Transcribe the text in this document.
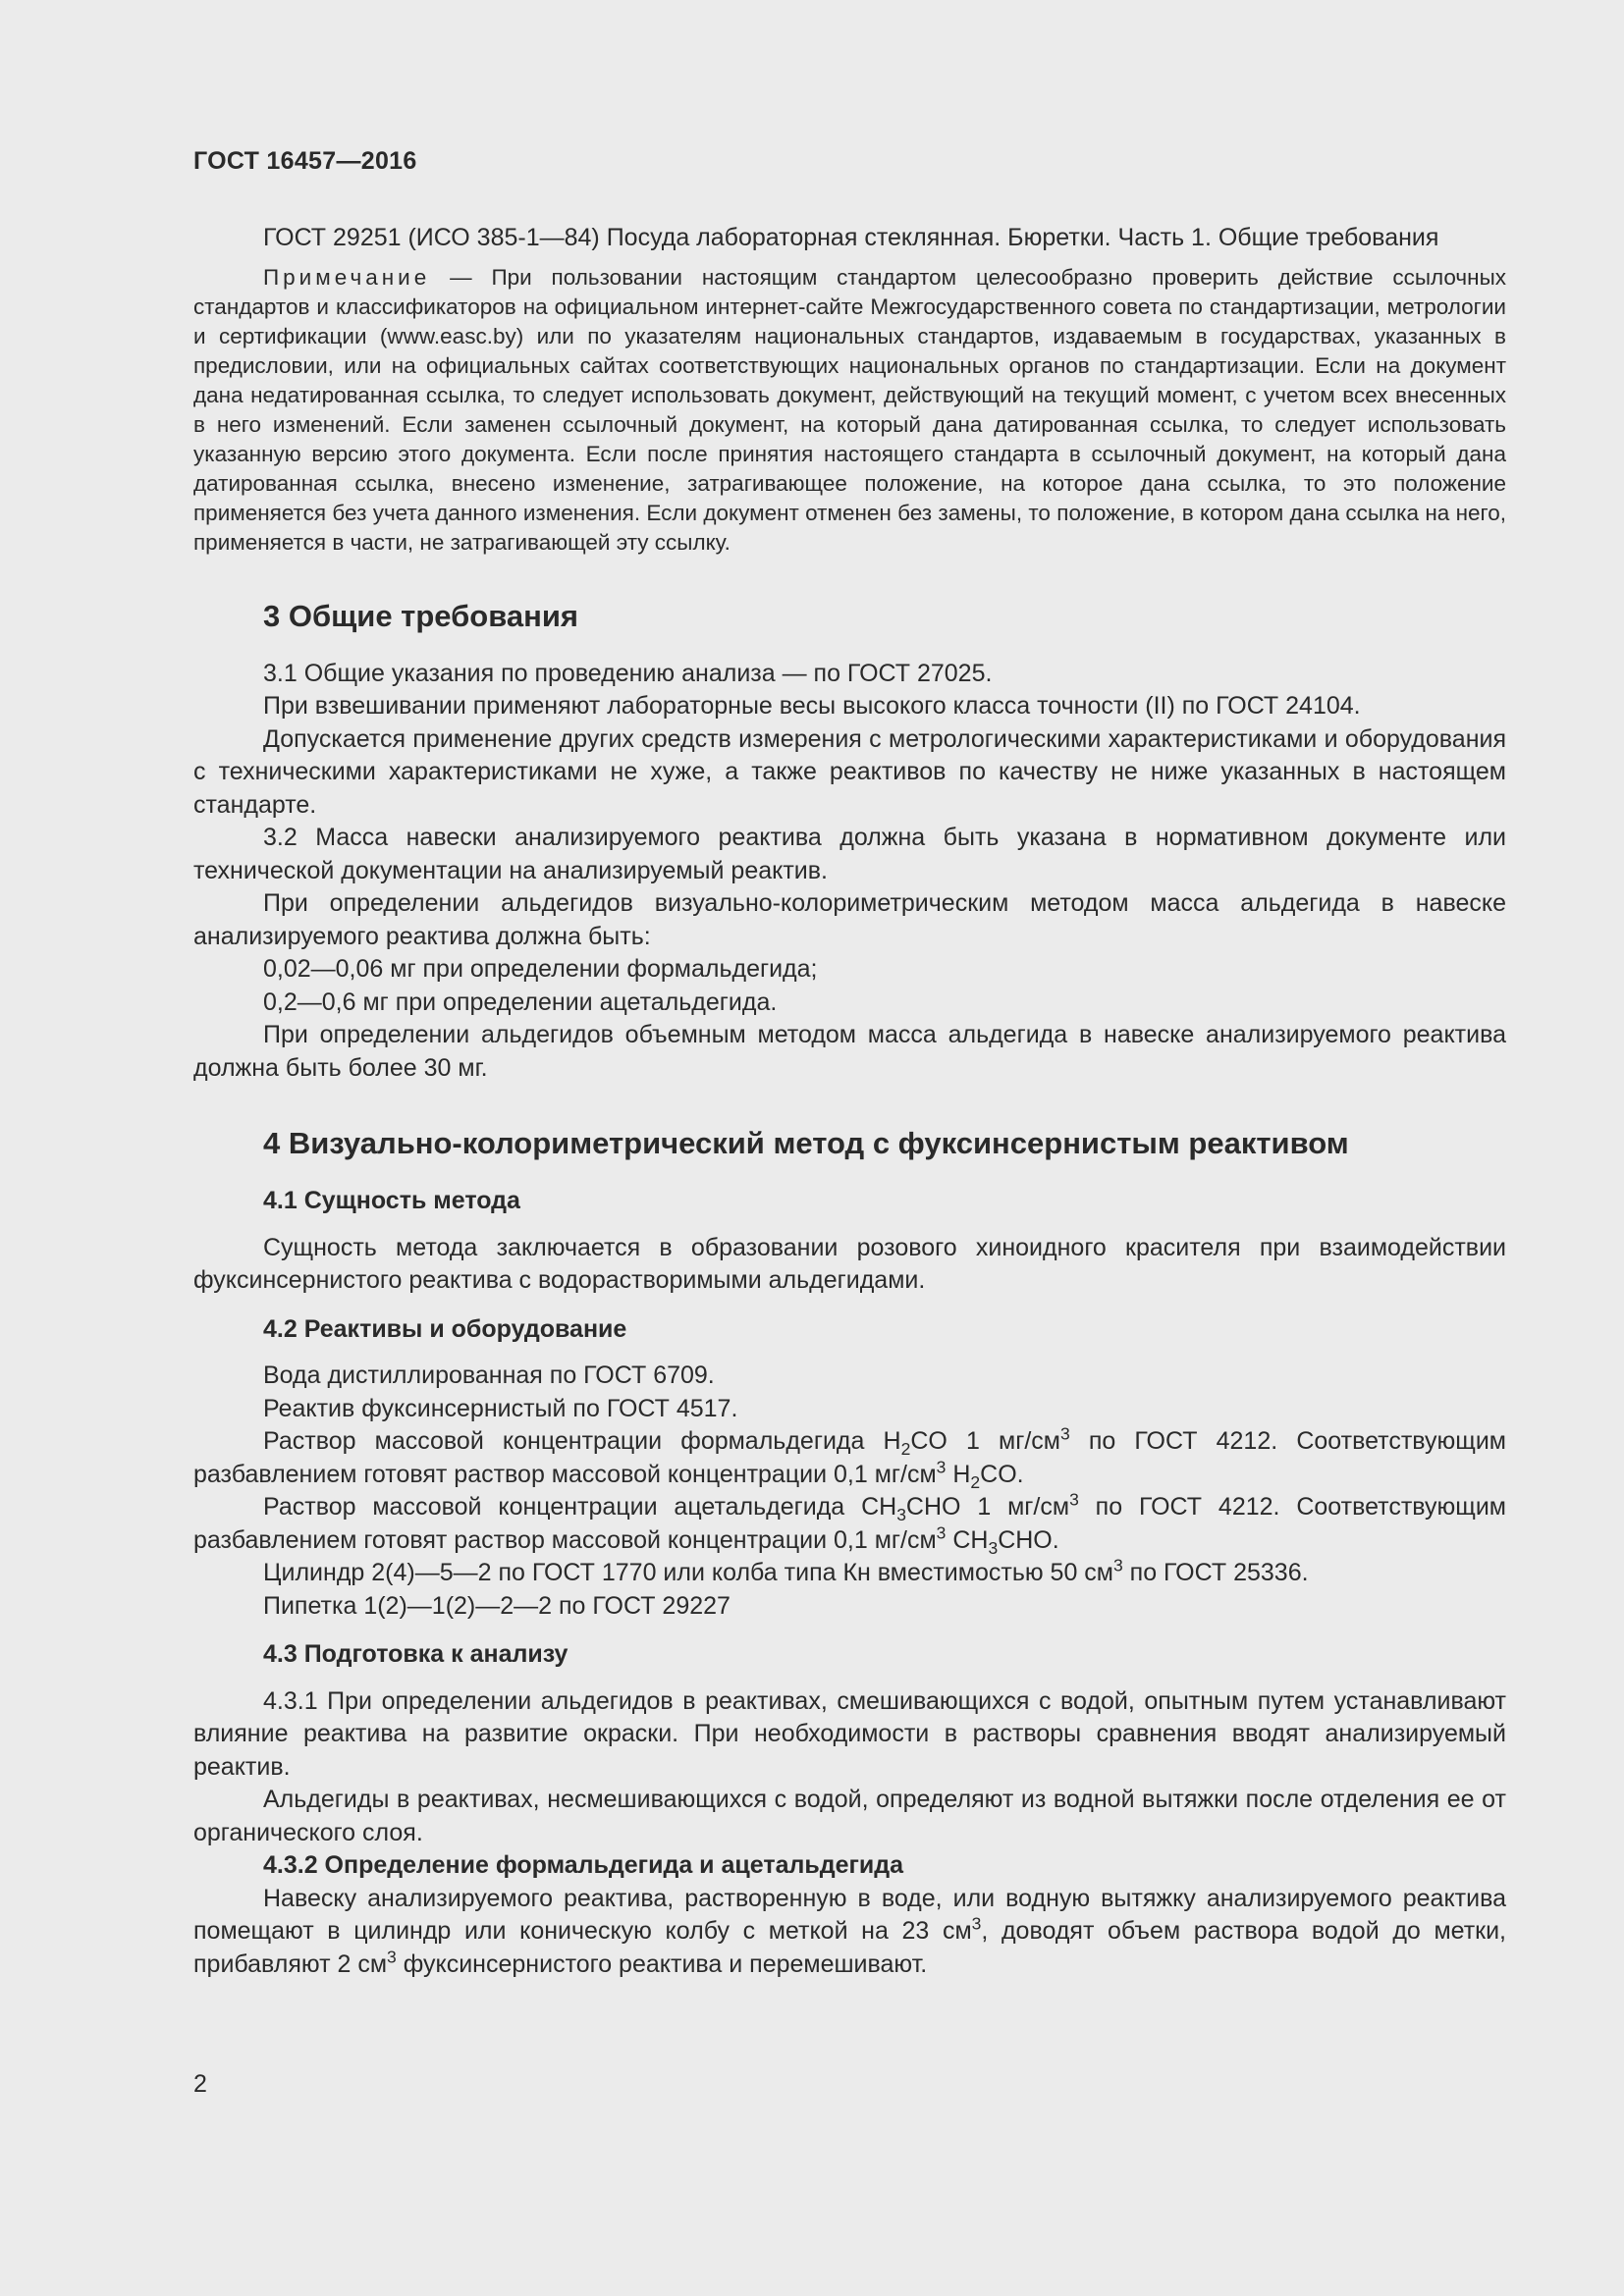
ГОСТ 16457—2016

ГОСТ 29251 (ИСО 385-1—84) Посуда лабораторная стеклянная. Бюретки. Часть 1. Общие требования

Примечание — При пользовании настоящим стандартом целесообразно проверить действие ссылочных стандартов и классификаторов на официальном интернет-сайте Межгосударственного совета по стандартизации, метрологии и сертификации (www.easc.by) или по указателям национальных стандартов, издаваемым в государствах, указанных в предисловии, или на официальных сайтах соответствующих национальных органов по стандартизации. Если на документ дана недатированная ссылка, то следует использовать документ, действующий на текущий момент, с учетом всех внесенных в него изменений. Если заменен ссылочный документ, на который дана датированная ссылка, то следует использовать указанную версию этого документа. Если после принятия настоящего стандарта в ссылочный документ, на который дана датированная ссылка, внесено изменение, затрагивающее положение, на которое дана ссылка, то это положение применяется без учета данного изменения. Если документ отменен без замены, то положение, в котором дана ссылка на него, применяется в части, не затрагивающей эту ссылку.

3 Общие требования

3.1 Общие указания по проведению анализа — по ГОСТ 27025.

При взвешивании применяют лабораторные весы высокого класса точности (II) по ГОСТ 24104.

Допускается применение других средств измерения с метрологическими характеристиками и оборудования с техническими характеристиками не хуже, а также реактивов по качеству не ниже указанных в настоящем стандарте.

3.2 Масса навески анализируемого реактива должна быть указана в нормативном документе или технической документации на анализируемый реактив.

При определении альдегидов визуально-колориметрическим методом масса альдегида в навеске анализируемого реактива должна быть:

0,02—0,06 мг при определении формальдегида;

0,2—0,6 мг при определении ацетальдегида.

При определении альдегидов объемным методом масса альдегида в навеске анализируемого реактива должна быть более 30 мг.

4 Визуально-колориметрический метод с фуксинсернистым реактивом
4.1 Сущность метода

Сущность метода заключается в образовании розового хиноидного красителя при взаимодействии фуксинсернистого реактива с водорастворимыми альдегидами.

4.2 Реактивы и оборудование

Вода дистиллированная по ГОСТ 6709.

Реактив фуксинсернистый по ГОСТ 4517.

Раствор массовой концентрации формальдегида $H_2CO$ 1 $мг/см^3$ по ГОСТ 4212. Соответствующим разбавлением готовят раствор массовой концентрации 0,1 $мг/см^3$ $H_2CO$.

Раствор массовой концентрации ацетальдегида $CH_3CHO$ 1 $мг/см^3$ по ГОСТ 4212. Соответствующим разбавлением готовят раствор массовой концентрации 0,1 $мг/см^3$ $CH_3CHO$.

Цилиндр 2(4)—5—2 по ГОСТ 1770 или колба типа Кн вместимостью 50 $см^3$ по ГОСТ 25336.

Пипетка 1(2)—1(2)—2—2 по ГОСТ 29227

4.3 Подготовка к анализу

4.3.1 При определении альдегидов в реактивах, смешивающихся с водой, опытным путем устанавливают влияние реактива на развитие окраски. При необходимости в растворы сравнения вводят анализируемый реактив.

Альдегиды в реактивах, несмешивающихся с водой, определяют из водной вытяжки после отделения ее от органического слоя.

4.3.2 Определение формальдегида и ацетальдегида

Навеску анализируемого реактива, растворенную в воде, или водную вытяжку анализируемого реактива помещают в цилиндр или коническую колбу с меткой на 23 $см^3$, доводят объем раствора водой до метки, прибавляют 2 $см^3$ фуксинсернистого реактива и перемешивают.

2
